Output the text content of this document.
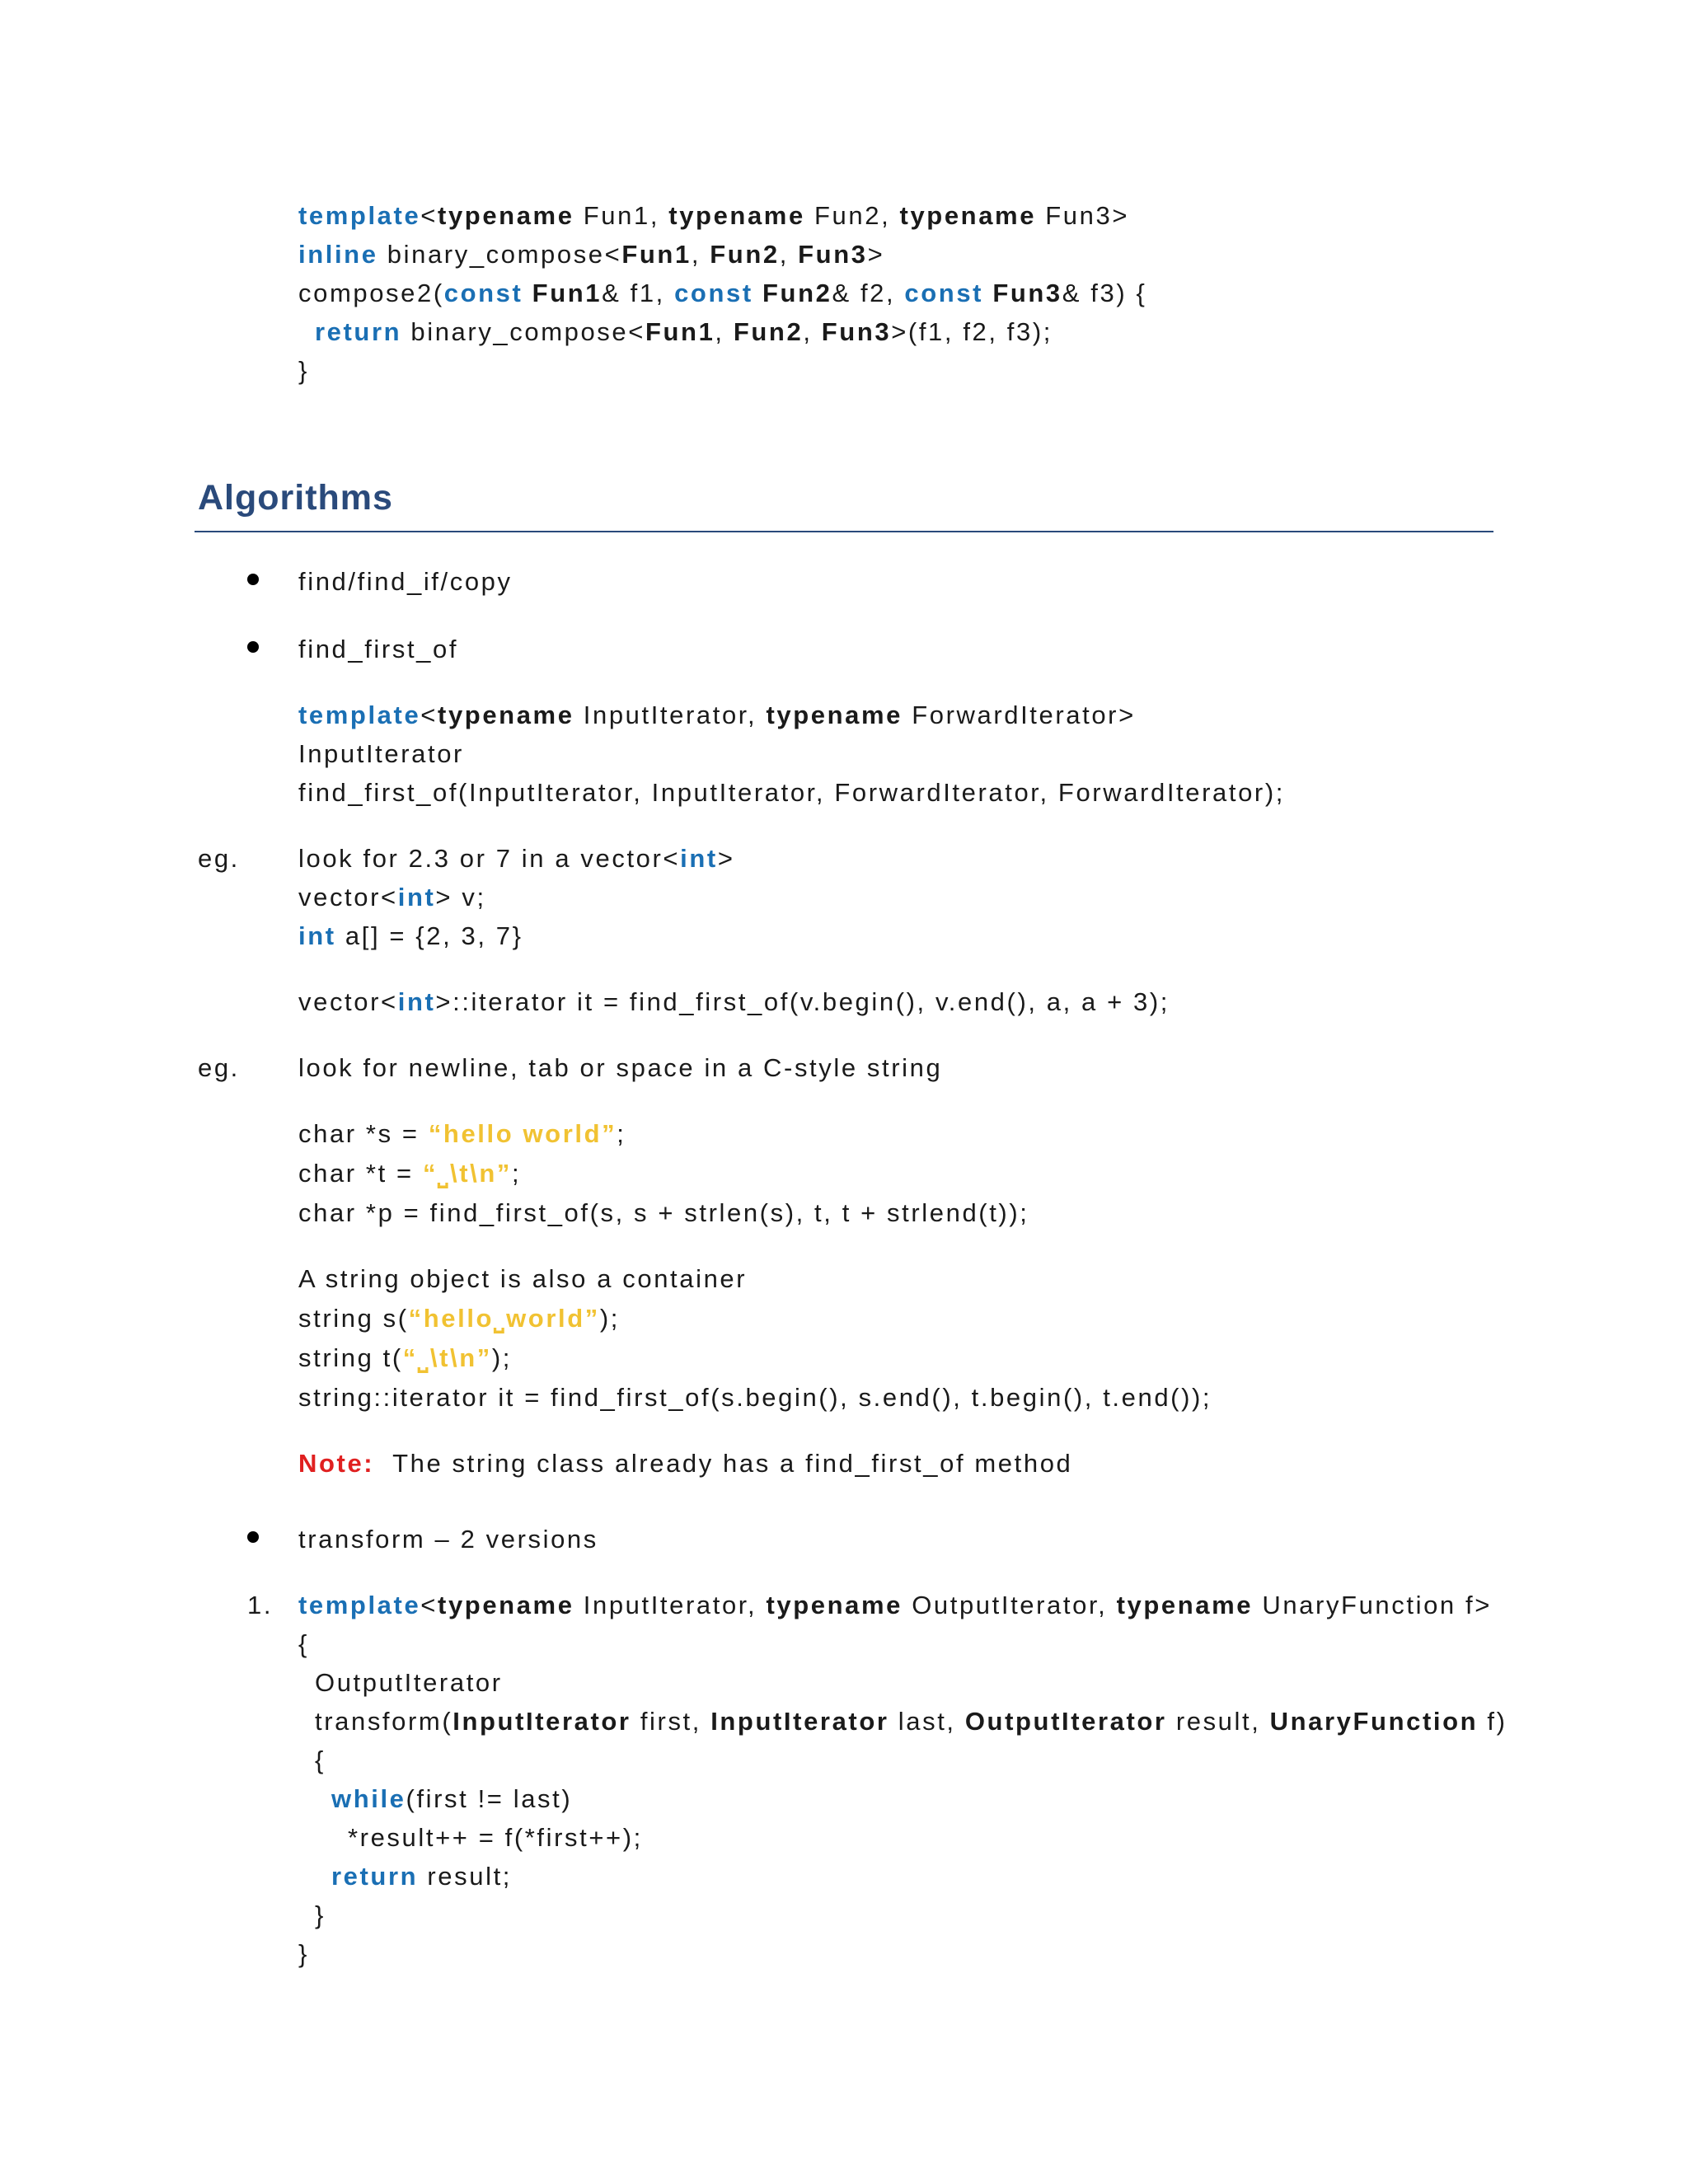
template<typename Fun1, typename Fun2, typename Fun3>
inline binary_compose<Fun1, Fun2, Fun3>
compose2(const Fun1& f1, const Fun2& f2, const Fun3& f3) {
return binary_compose<Fun1, Fun2, Fun3>(f1, f2, f3);
}
Algorithms
find/find_if/copy
find_first_of
template<typename InputIterator, typename ForwardIterator>
InputIterator
find_first_of(InputIterator, InputIterator, ForwardIterator, ForwardIterator);
eg. look for 2.3 or 7 in a vector<int>
vector<int> v;
int a[] = {2, 3, 7}
vector<int>::iterator it = find_first_of(v.begin(), v.end(), a, a + 3);
eg. look for newline, tab or space in a C-style string
char *s = “hello world”;
char *t = “⎵\t\n”;
char *p = find_first_of(s, s + strlen(s), t, t + strlend(t));
A string object is also a container
string s(“hello⎵world”);
string t(“⎵\t\n”);
string::iterator it = find_first_of(s.begin(), s.end(), t.begin(), t.end());
Note:  The string class already has a find_first_of method
transform – 2 versions
1. template<typename InputIterator, typename OutputIterator, typename UnaryFunction f>
{
OutputIterator
transform(InputIterator first, InputIterator last, OutputIterator result, UnaryFunction f)
{
while(first != last)
*result++ = f(*first++);
return result;
}
}
